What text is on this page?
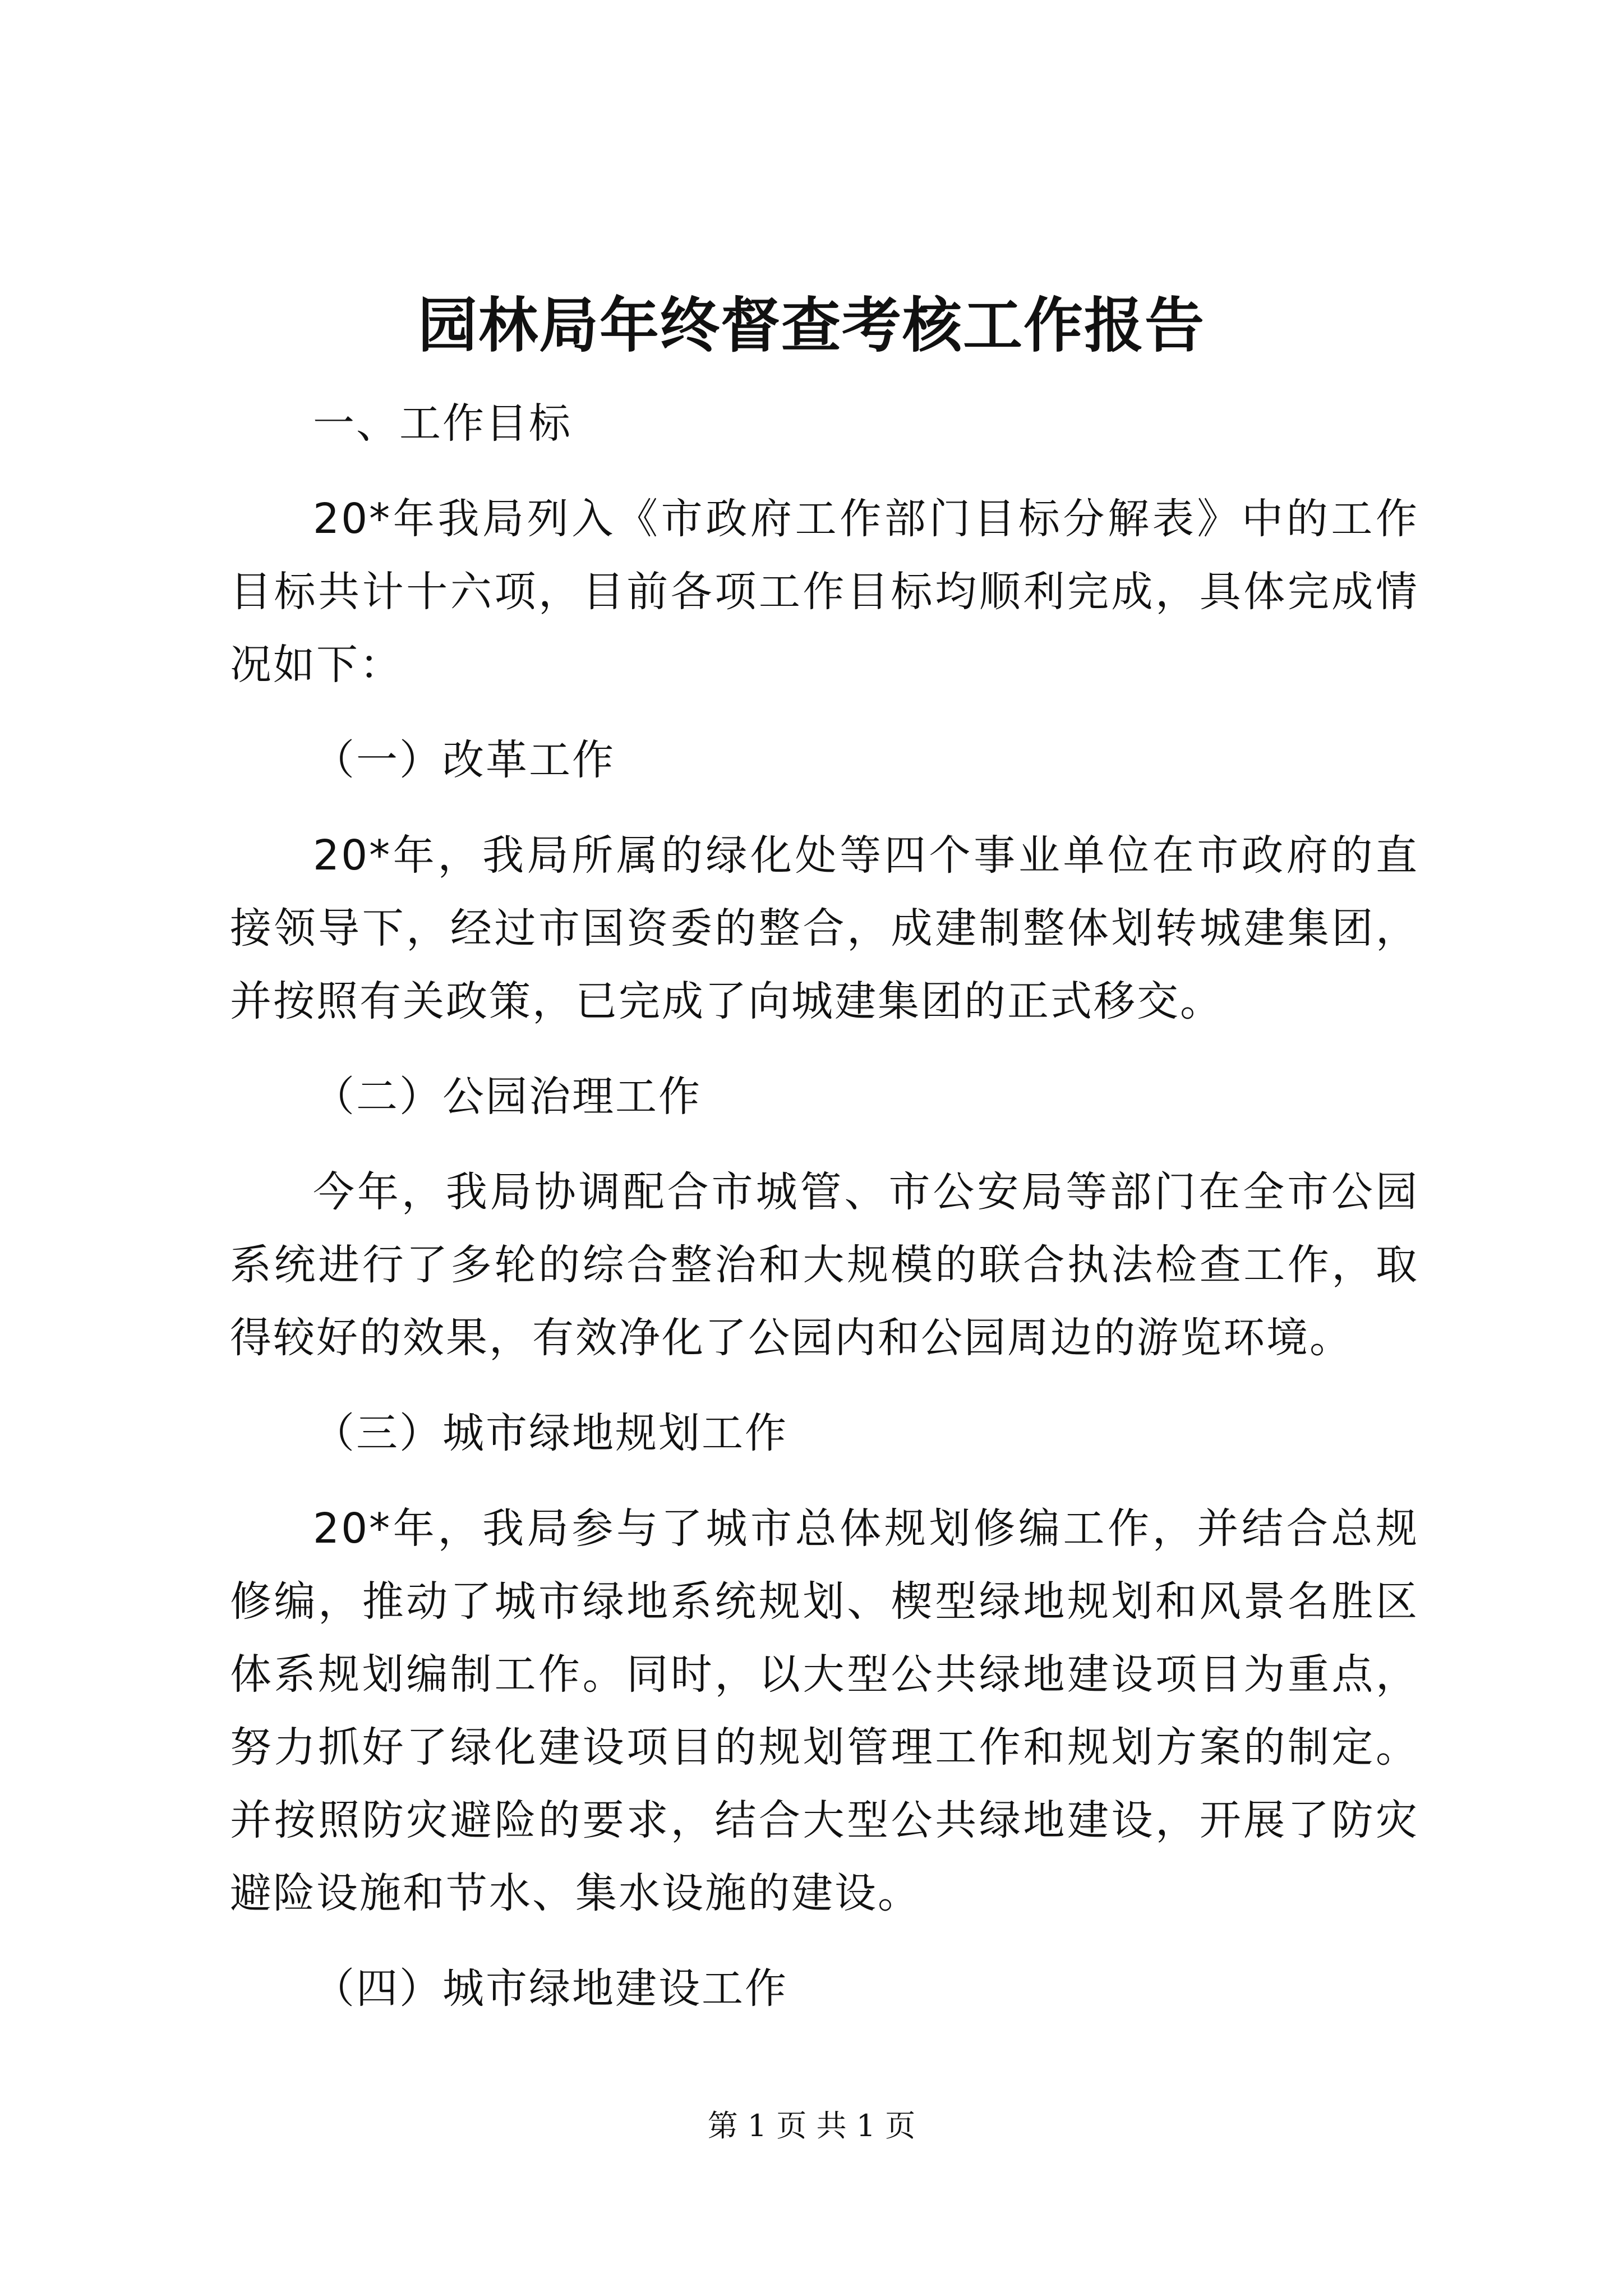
园林局年终督查考核工作报告

一、工作目标

20*年我局列入《市政府工作部门目标分解表》中的工作目标共计十六项，目前各项工作目标均顺利完成，具体完成情况如下：

（一）改革工作

20*年，我局所属的绿化处等四个事业单位在市政府的直接领导下，经过市国资委的整合，成建制整体划转城建集团，并按照有关政策，已完成了向城建集团的正式移交。

（二）公园治理工作

今年，我局协调配合市城管、市公安局等部门在全市公园系统进行了多轮的综合整治和大规模的联合执法检查工作，取得较好的效果，有效净化了公园内和公园周边的游览环境。

（三）城市绿地规划工作

20*年，我局参与了城市总体规划修编工作，并结合总规修编，推动了城市绿地系统规划、楔型绿地规划和风景名胜区体系规划编制工作。同时，以大型公共绿地建设项目为重点，努力抓好了绿化建设项目的规划管理工作和规划方案的制定。并按照防灾避险的要求，结合大型公共绿地建设，开展了防灾避险设施和节水、集水设施的建设。

（四）城市绿地建设工作

第 1 页 共 1 页
